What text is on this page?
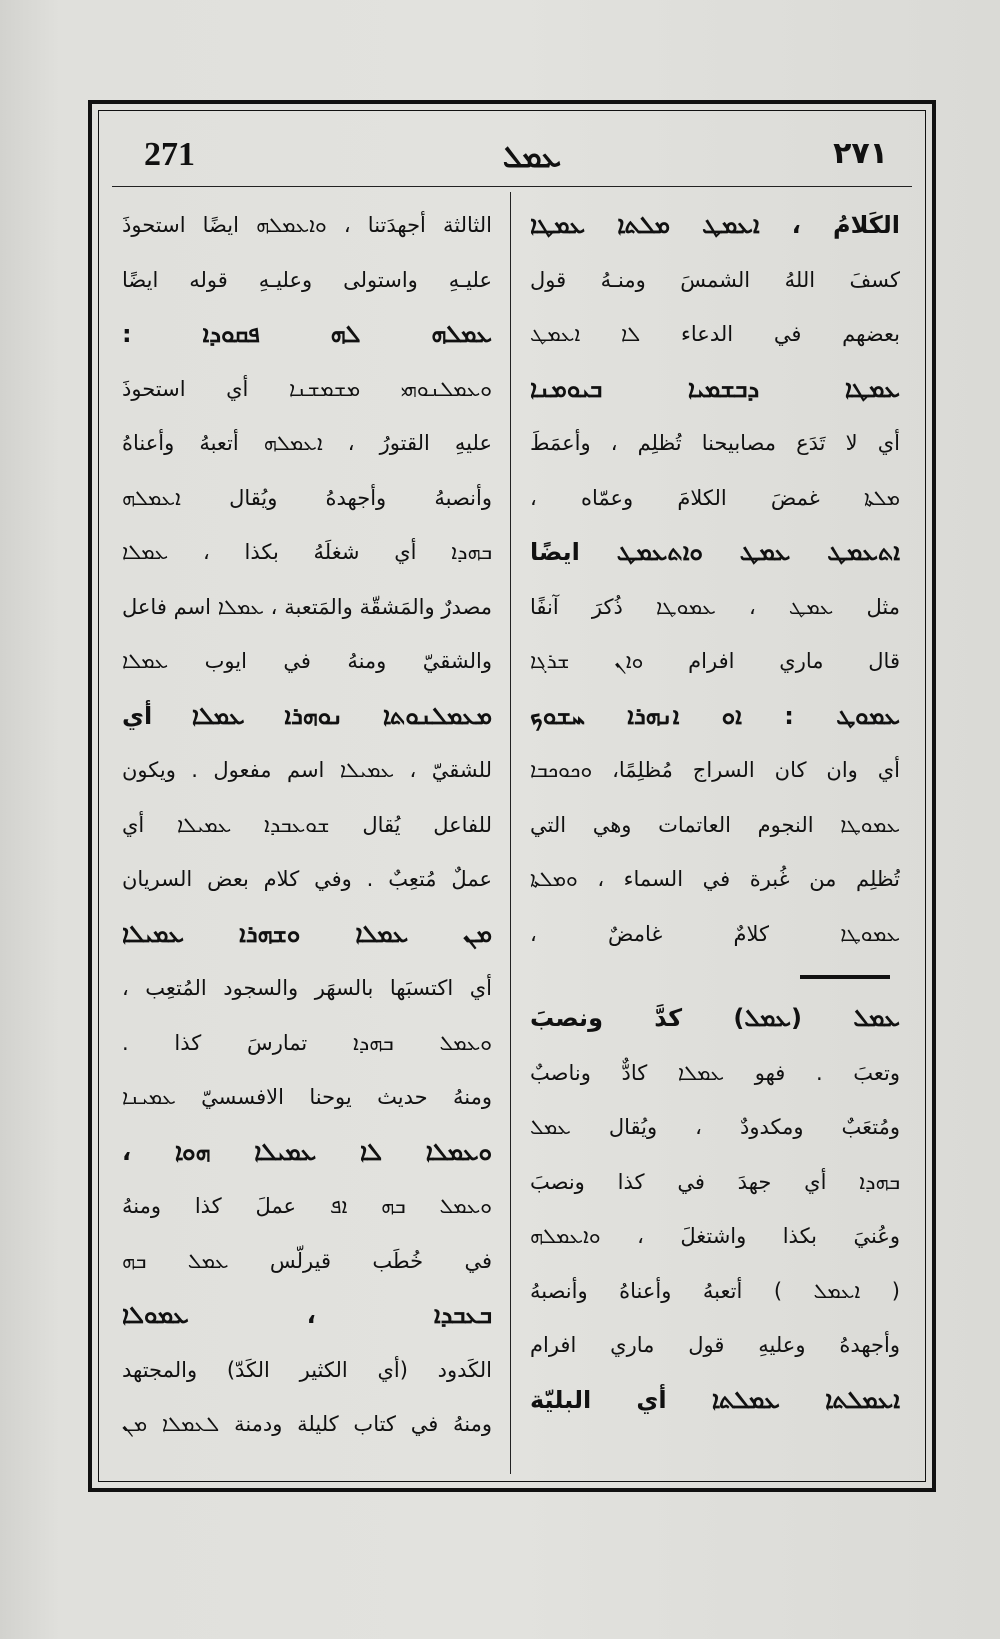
271	ܥܡܠ	٢٧١
الكَلامُ ، ܐܥܡܛ ܡܠܬܐ ܥܡܛܐ
كسفَ اللهُ الشمسَ ومنـهُ قول
بعضهم في الدعاء ܠܐ ܐܥܡܛ
ܥܡܛܐ ܕܒܫܡܝܐ ܒܝܘܡܢܐ
أي لا تَدَع مصابيحنا تُظلِم ، وأعمَطَ
ܡܠܬܐ غمضَ الكلامَ وعمّاه ،
ܐܬܥܡܛ ܥܡܛ ܘܐܬܥܡܛ ايضًا
مثل ܥܡܛ ، ܥܡܘܛܐ ذُكرَ آنفًا
قال ماري افرام ܘܐܢ ܫܪܓܐ
ܥܡܘܛ : ܐܘ ܐܢܗܪܐ ܚܫܘܟ
أي وان كان السراج مُظلِمًا، ܘܟܘܟܒܐ
ܥܡܘܛܐ النجوم العاتمات وهي التي
تُظلِم من غُبرة في السماء ، ܘܡܠܬܐ
ܥܡܘܛܐ كلامٌ غامضٌ ،
ܥܡܠ (ܥܡܠ) كدَّ ونصبَ
وتعبَ . فهو ܥܡܠܐ كادٌّ وناصبٌ
ومُتعَبٌ ومكدودٌ ، ويُقال ܥܡܠ
ܒܗܕܐ أي جهدَ في كذا ونصبَ
وعُنيَ بكذا واشتغلَ ، ܘܐܥܡܠܗ
( ܐܥܡܠ ) أتعبهُ وأعناهُ وأنصبهُ
وأجهدهُ وعليهِ قول ماري افرام
ܐܥܡܠܬܐ ܥܡܠܬܐ أي البليّة
الثالثة أجهدَتنا ، ܘܐܥܡܠܗ ايضًا استحوذَ
عليـهِ واستولى وعليـهِ قوله ايضًا
ܥܡܠܗ ܠܗ ܦܩܘܕܐ :
ܘܥܡܠܢܘܗܝ ܡܫܡܫܢܐ أي استحوذَ
عليهِ القتورُ ، ܐܥܡܠܗ أتعبهُ وأعناهُ
وأنصبهُ وأجهدهُ ويُقال ܐܥܡܠܗ
ܒܗܕܐ أي شغلَهُ بكذا ، ܥܡܠܐ
مصدرٌ والمَشقّة والمَتعبة ، ܥܡܠܐ اسم فاعل
والشقيّ ومنهُ في ايوب ܥܡܠܐ
ܡܥܡܠܢܘܬܐ ܢܘܗܪܐ ܥܡܠܐ أي
للشقيّ ، ܥܡܝܠܐ اسم مفعول . ويكون
للفاعل يُقال ܫܘܥܒܕܐ ܥܡܝܠܐ أي
عملٌ مُتعِبٌ . وفي كلام بعض السريان
ܡܢ ܥܡܠܐ ܘܫܗܪܐ ܥܡܝܠܐ
أي اكتسبَها بالسهَر والسجود المُتعِب ،
ܘܥܡܠ ܒܗܕܐ تمارسَ كذا .
ومنهُ حديث يوحنا الافسسيّ ܥܡܝܢܐ
ܘܥܡܠܐ ܠܐ ܥܡܝܠܐ ܗܘܐ ،
ܘܥܡܠ ܒܗ ܐܦ عملَ كذا ومنهُ
في خُطَب قيرلّس ܥܡܠ ܒܗ
ܒܥܒܕܐ ، ܥܡܘܠܐ
الكَدود (أي الكثير الكَدّ) والمجتهد
ومنهُ في كتاب كليلة ودمنة ܠܥܡܠܐ ܡܢ
